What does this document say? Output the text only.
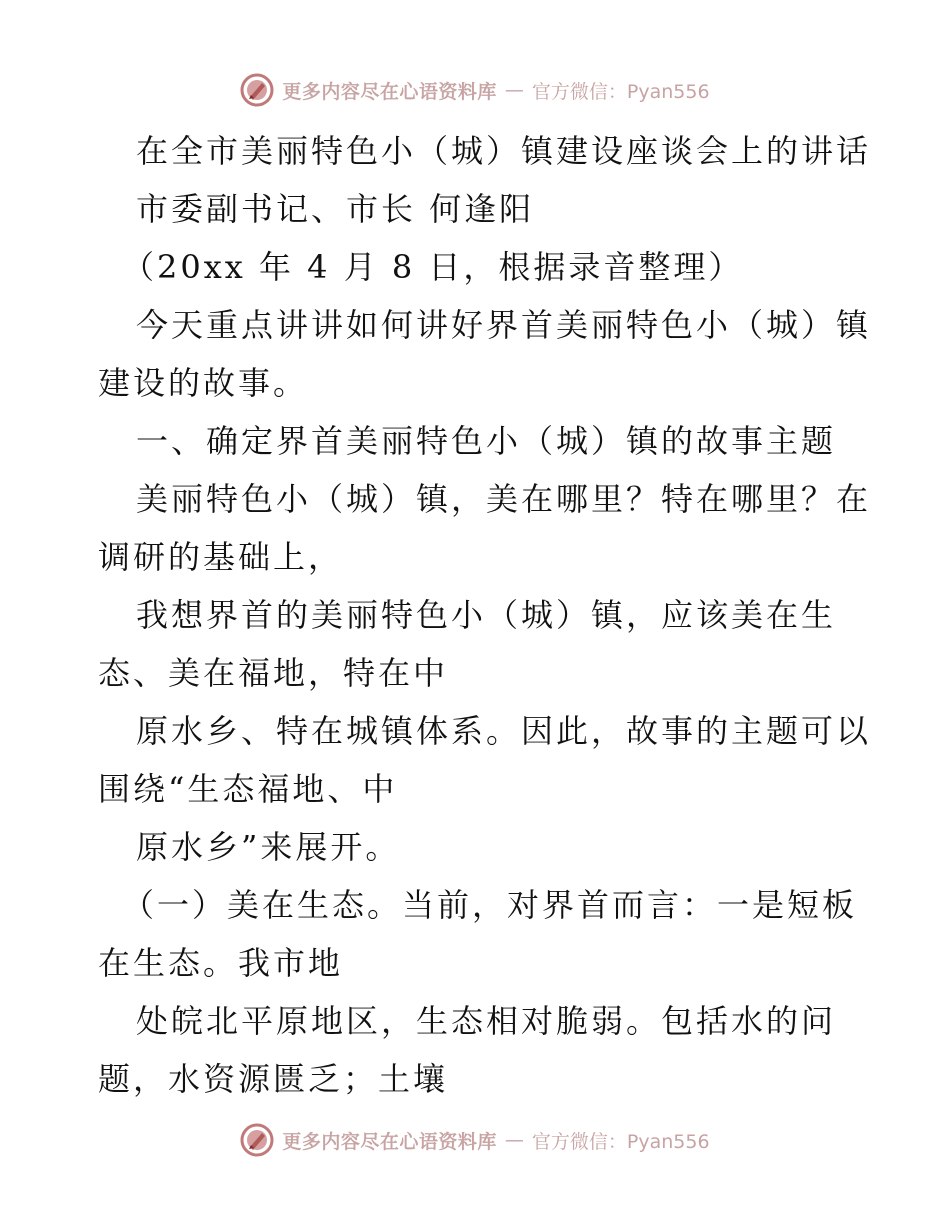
更多内容尽在心语资料库 — 官方微信：Pyan556

在全市美丽特色小（城）镇建设座谈会上的讲话

市委副书记、市长 何逢阳

（20xx 年 4 月 8 日，根据录音整理）

今天重点讲讲如何讲好界首美丽特色小（城）镇

建设的故事。

一、确定界首美丽特色小（城）镇的故事主题

美丽特色小（城）镇，美在哪里？特在哪里？在

调研的基础上，

我想界首的美丽特色小（城）镇，应该美在生

态、美在福地，特在中

原水乡、特在城镇体系。因此，故事的主题可以

围绕“生态福地、中

原水乡”来展开。

（一）美在生态。当前，对界首而言：一是短板

在生态。我市地

处皖北平原地区，生态相对脆弱。包括水的问

题，水资源匮乏；土壤

更多内容尽在心语资料库 — 官方微信：Pyan556
